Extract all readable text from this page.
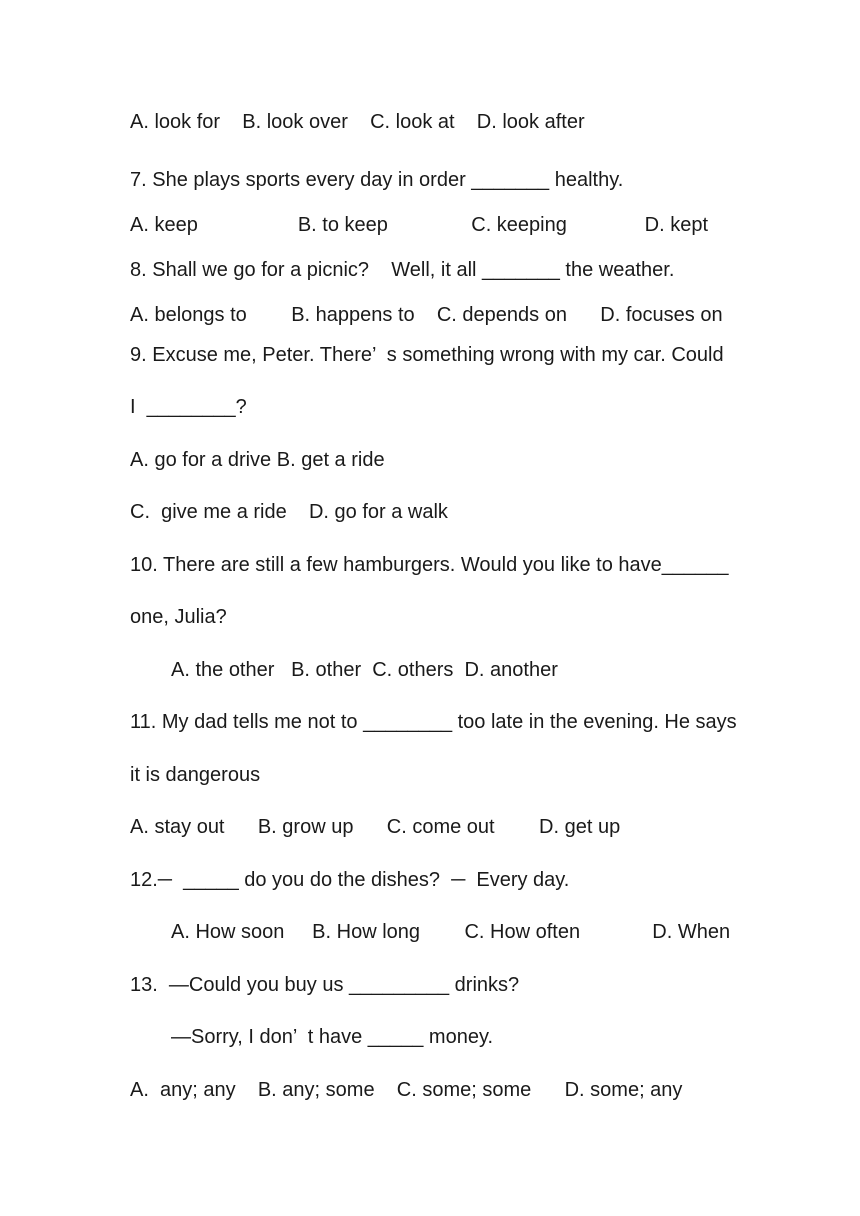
A. look for    B. look over    C. look at    D. look after
7. She plays sports every day in order _______ healthy.
A. keep                  B. to keep               C. keeping              D. kept
8. Shall we go for a picnic?    Well, it all _______ the weather.
A. belongs to        B. happens to    C. depends on      D. focuses on
9. Excuse me, Peter. There’  s something wrong with my car. Could
I  ________?
A. go for a drive B. get a ride
C.  give me a ride    D. go for a walk
10. There are still a few hamburgers. Would you like to have______
one, Julia?
A. the other   B. other  C. others  D. another
11. My dad tells me not to ________ too late in the evening. He says
it is dangerous
A. stay out      B. grow up      C. come out        D. get up
12.─  _____ do you do the dishes?  ─  Every day.
A. How soon     B. How long        C. How often             D. When
13.  —Could you buy us _________ drinks?
—Sorry, I don’  t have _____ money.
A.  any; any    B. any; some    C. some; some      D. some; any
